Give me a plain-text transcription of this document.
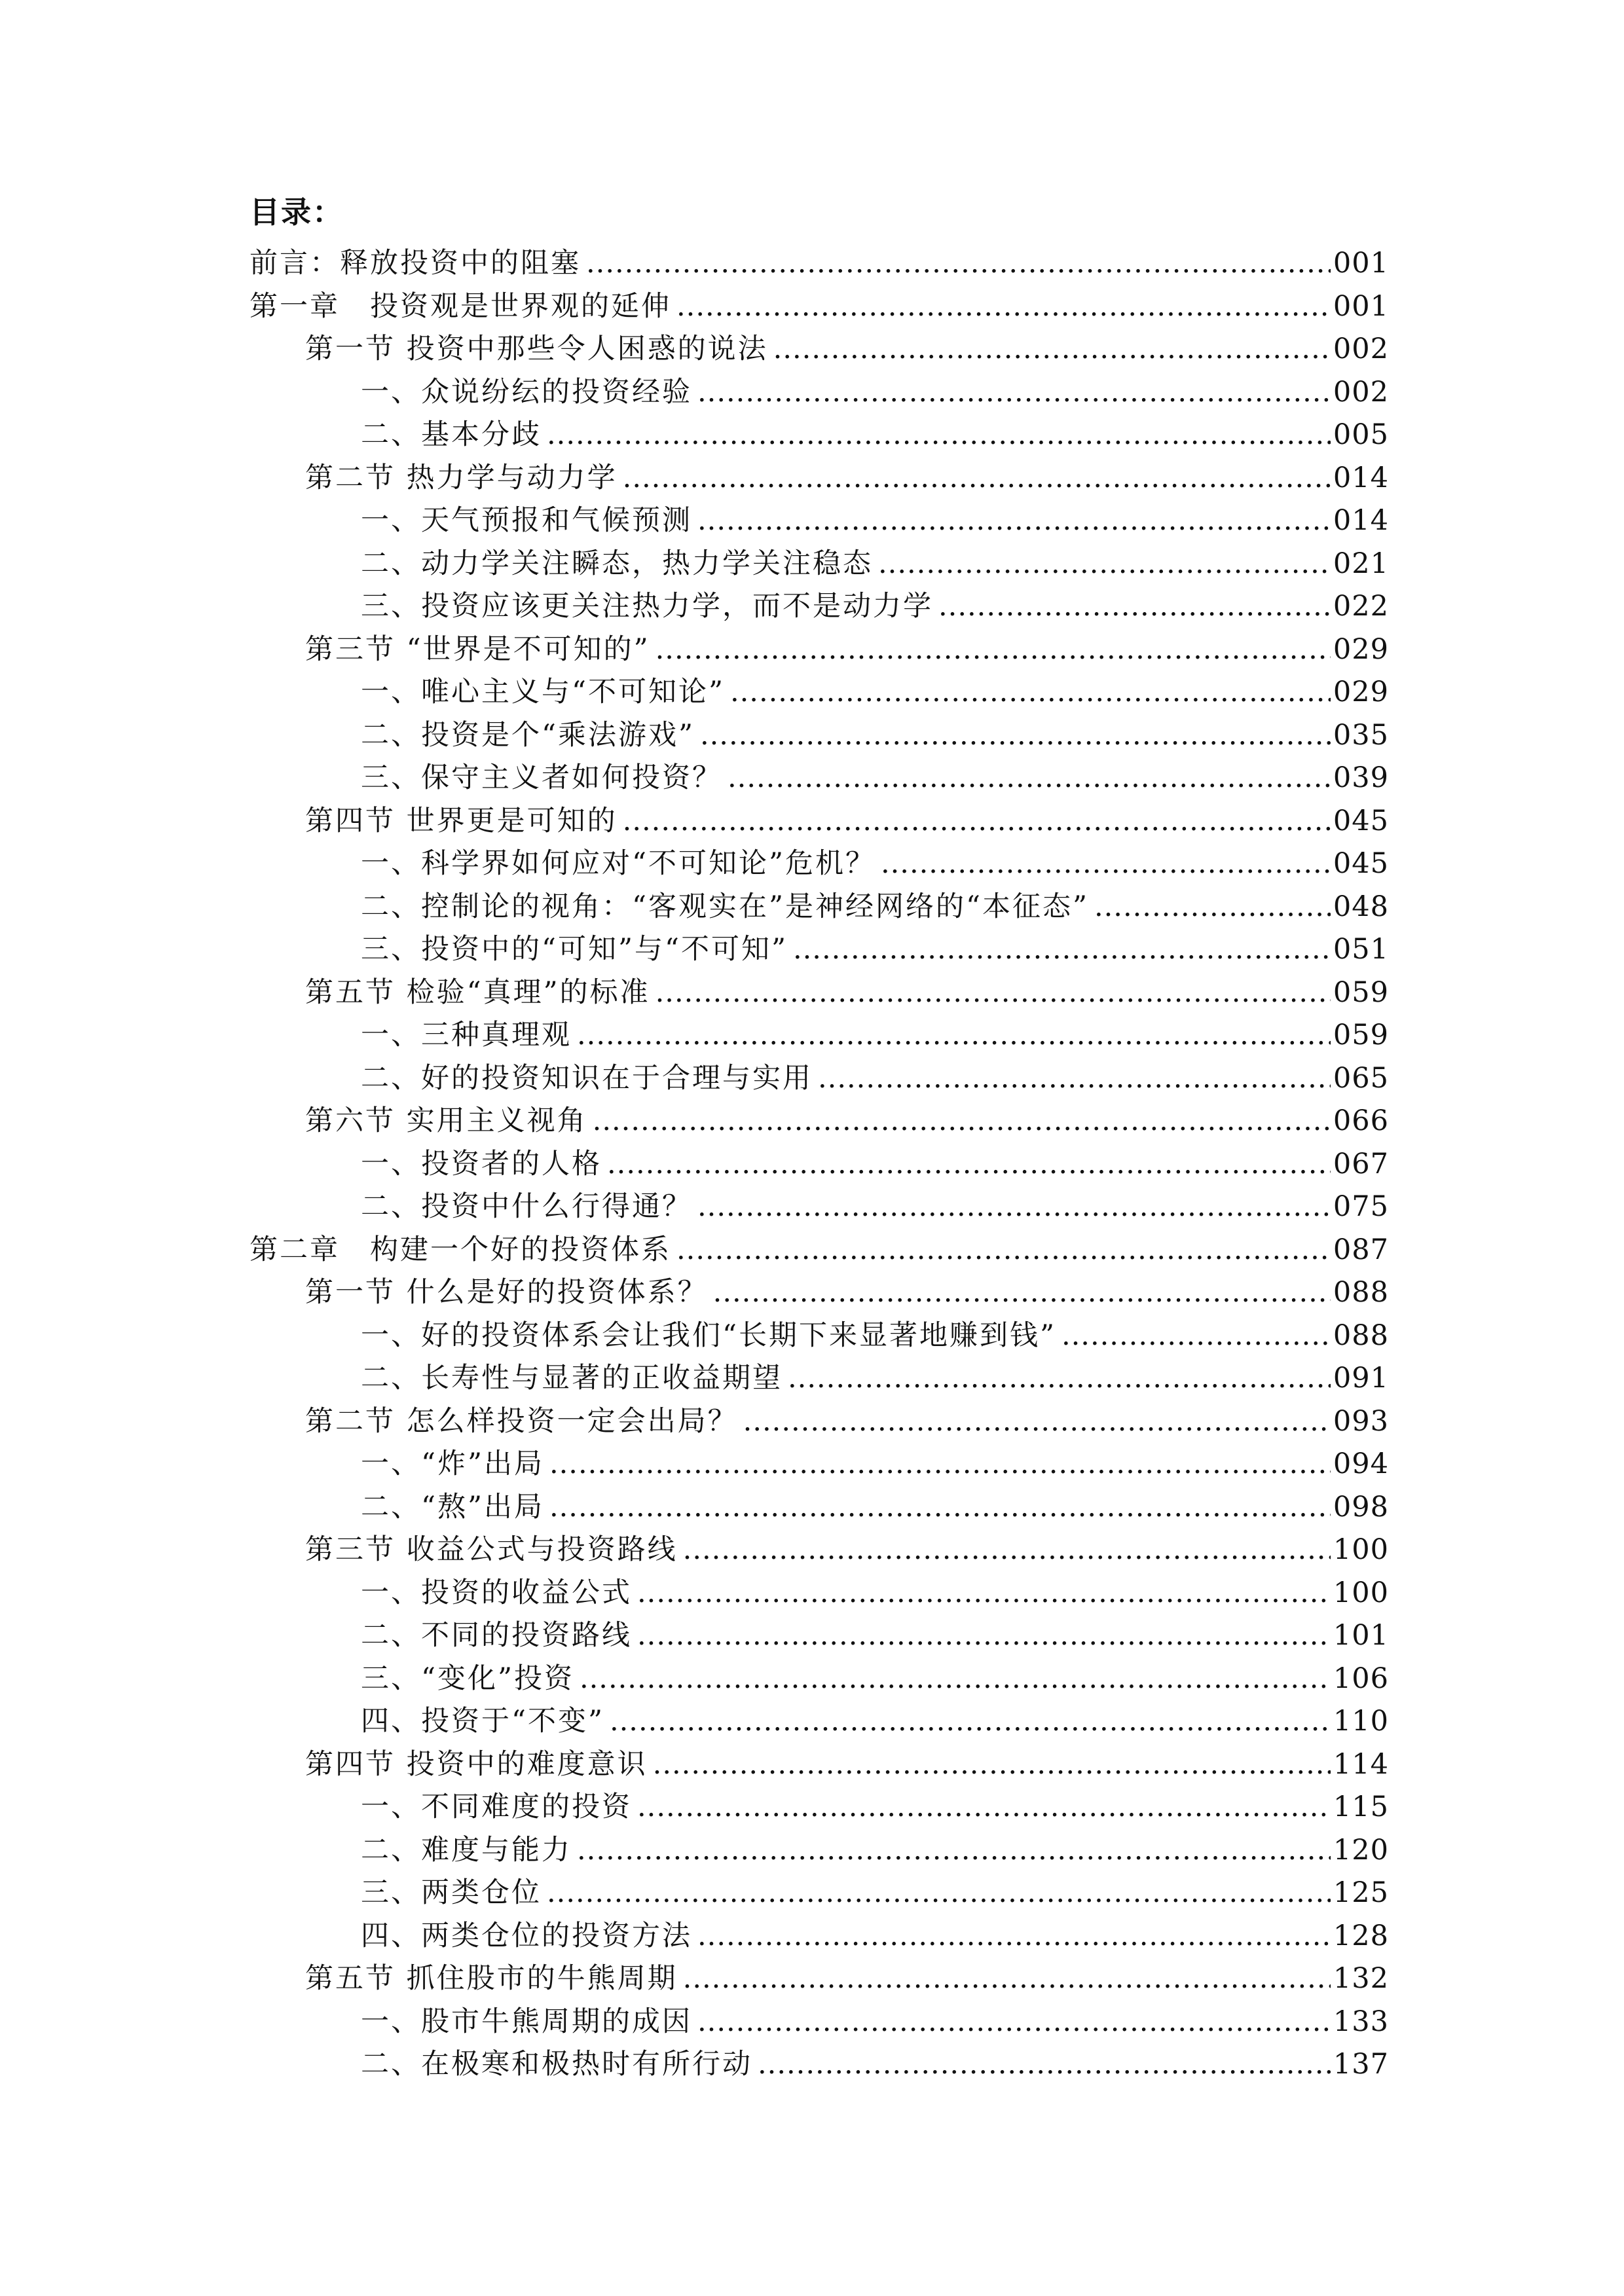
目录：
前言：释放投资中的阻塞 .....	001
第一章　投资观是世界观的延伸 .....	001
第一节 投资中那些令人困惑的说法 .....	002
一、众说纷纭的投资经验 .....	002
二、基本分歧 .....	005
第二节 热力学与动力学 .....	014
一、天气预报和气候预测 .....	014
二、动力学关注瞬态，热力学关注稳态 .....	021
三、投资应该更关注热力学，而不是动力学 .....	022
第三节 “世界是不可知的” .....	029
一、唯心主义与“不可知论” .....	029
二、投资是个“乘法游戏” .....	035
三、保守主义者如何投资？ .....	039
第四节 世界更是可知的 .....	045
一、科学界如何应对“不可知论”危机？ .....	045
二、控制论的视角：“客观实在”是神经网络的“本征态” .....	048
三、投资中的“可知”与“不可知” .....	051
第五节 检验“真理”的标准 .....	059
一、三种真理观 .....	059
二、好的投资知识在于合理与实用 .....	065
第六节 实用主义视角 .....	066
一、投资者的人格 .....	067
二、投资中什么行得通？ .....	075
第二章　构建一个好的投资体系 .....	087
第一节 什么是好的投资体系？ .....	088
一、好的投资体系会让我们“长期下来显著地赚到钱” .....	088
二、长寿性与显著的正收益期望 .....	091
第二节 怎么样投资一定会出局？ .....	093
一、“炸”出局 .....	094
二、“熬”出局 .....	098
第三节 收益公式与投资路线 .....	100
一、投资的收益公式 .....	100
二、不同的投资路线 .....	101
三、“变化”投资 .....	106
四、投资于“不变” .....	110
第四节 投资中的难度意识 .....	114
一、不同难度的投资 .....	115
二、难度与能力 .....	120
三、两类仓位 .....	125
四、两类仓位的投资方法 .....	128
第五节 抓住股市的牛熊周期 .....	132
一、股市牛熊周期的成因 .....	133
二、在极寒和极热时有所行动 .....	137
